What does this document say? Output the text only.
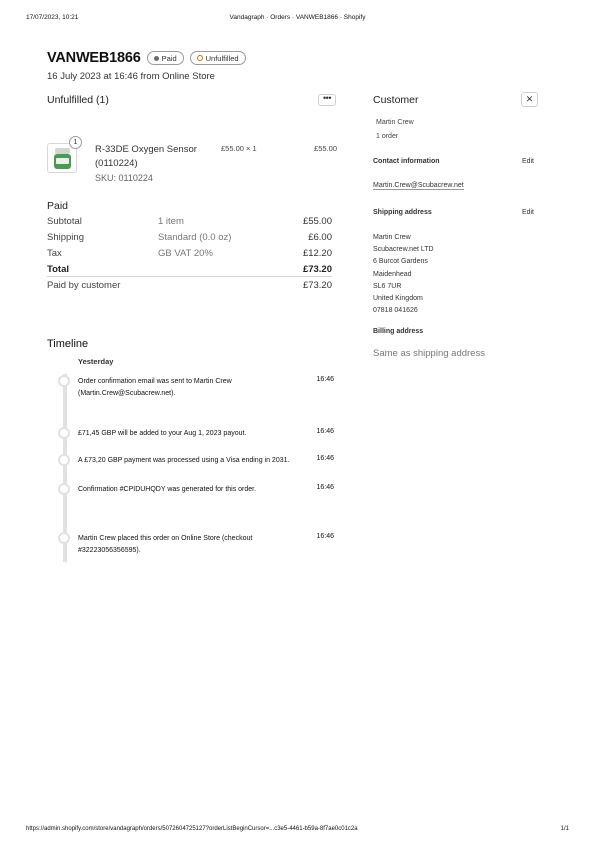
17/07/2023, 10:21	Vandagraph · Orders · VANWEB1866 · Shopify
VANWEB1866	Paid	Unfulfilled
16 July 2023 at 16:46 from Online Store
Unfulfilled (1)	•••
1
R-33DE Oxygen Sensor (0110224)
SKU: 0110224
£55.00 × 1	£55.00
Paid
Subtotal	1 item	£55.00
Shipping	Standard (0.0 oz)	£6.00
Tax	GB VAT 20%	£12.20
Total	£73.20
Paid by customer	£73.20
Timeline
Yesterday
Order confirmation email was sent to Martin Crew (Martin.Crew@Scubacrew.net).
16:46
£71,45 GBP will be added to your Aug 1, 2023 payout.	16:46
A £73,20 GBP payment was processed using a Visa ending in 2031.	16:46
Confirmation #CPIDUHQDY was generated for this order.	16:46
Martin Crew placed this order on Online Store (checkout #32223056356595).
16:46
Customer
Martin Crew
1 order
Contact information	Edit
Martin.Crew@Scubacrew.net
Shipping address	Edit
Martin Crew
Scubacrew.net LTD
6 Burcot Gardens
Maidenhead
SL6 7UR
United Kingdom
07818 041626
Billing address
Same as shipping address
✕
https://admin.shopify.com/store/vandagraph/orders/5072604725127?orderListBeginCursor=...c3e5-4461-b59a-8f7ae0c01c2a	1/1
